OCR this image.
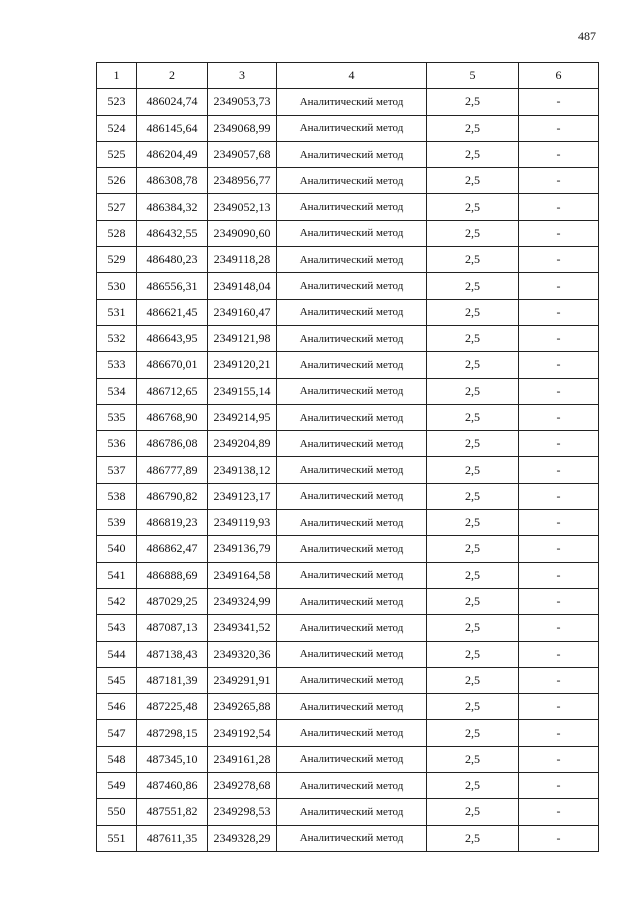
487
1	2	3	4	5	6
523	486024,74	2349053,73	Аналитический метод	2,5	-
524	486145,64	2349068,99	Аналитический метод	2,5	-
525	486204,49	2349057,68	Аналитический метод	2,5	-
526	486308,78	2348956,77	Аналитический метод	2,5	-
527	486384,32	2349052,13	Аналитический метод	2,5	-
528	486432,55	2349090,60	Аналитический метод	2,5	-
529	486480,23	2349118,28	Аналитический метод	2,5	-
530	486556,31	2349148,04	Аналитический метод	2,5	-
531	486621,45	2349160,47	Аналитический метод	2,5	-
532	486643,95	2349121,98	Аналитический метод	2,5	-
533	486670,01	2349120,21	Аналитический метод	2,5	-
534	486712,65	2349155,14	Аналитический метод	2,5	-
535	486768,90	2349214,95	Аналитический метод	2,5	-
536	486786,08	2349204,89	Аналитический метод	2,5	-
537	486777,89	2349138,12	Аналитический метод	2,5	-
538	486790,82	2349123,17	Аналитический метод	2,5	-
539	486819,23	2349119,93	Аналитический метод	2,5	-
540	486862,47	2349136,79	Аналитический метод	2,5	-
541	486888,69	2349164,58	Аналитический метод	2,5	-
542	487029,25	2349324,99	Аналитический метод	2,5	-
543	487087,13	2349341,52	Аналитический метод	2,5	-
544	487138,43	2349320,36	Аналитический метод	2,5	-
545	487181,39	2349291,91	Аналитический метод	2,5	-
546	487225,48	2349265,88	Аналитический метод	2,5	-
547	487298,15	2349192,54	Аналитический метод	2,5	-
548	487345,10	2349161,28	Аналитический метод	2,5	-
549	487460,86	2349278,68	Аналитический метод	2,5	-
550	487551,82	2349298,53	Аналитический метод	2,5	-
551	487611,35	2349328,29	Аналитический метод	2,5	-
